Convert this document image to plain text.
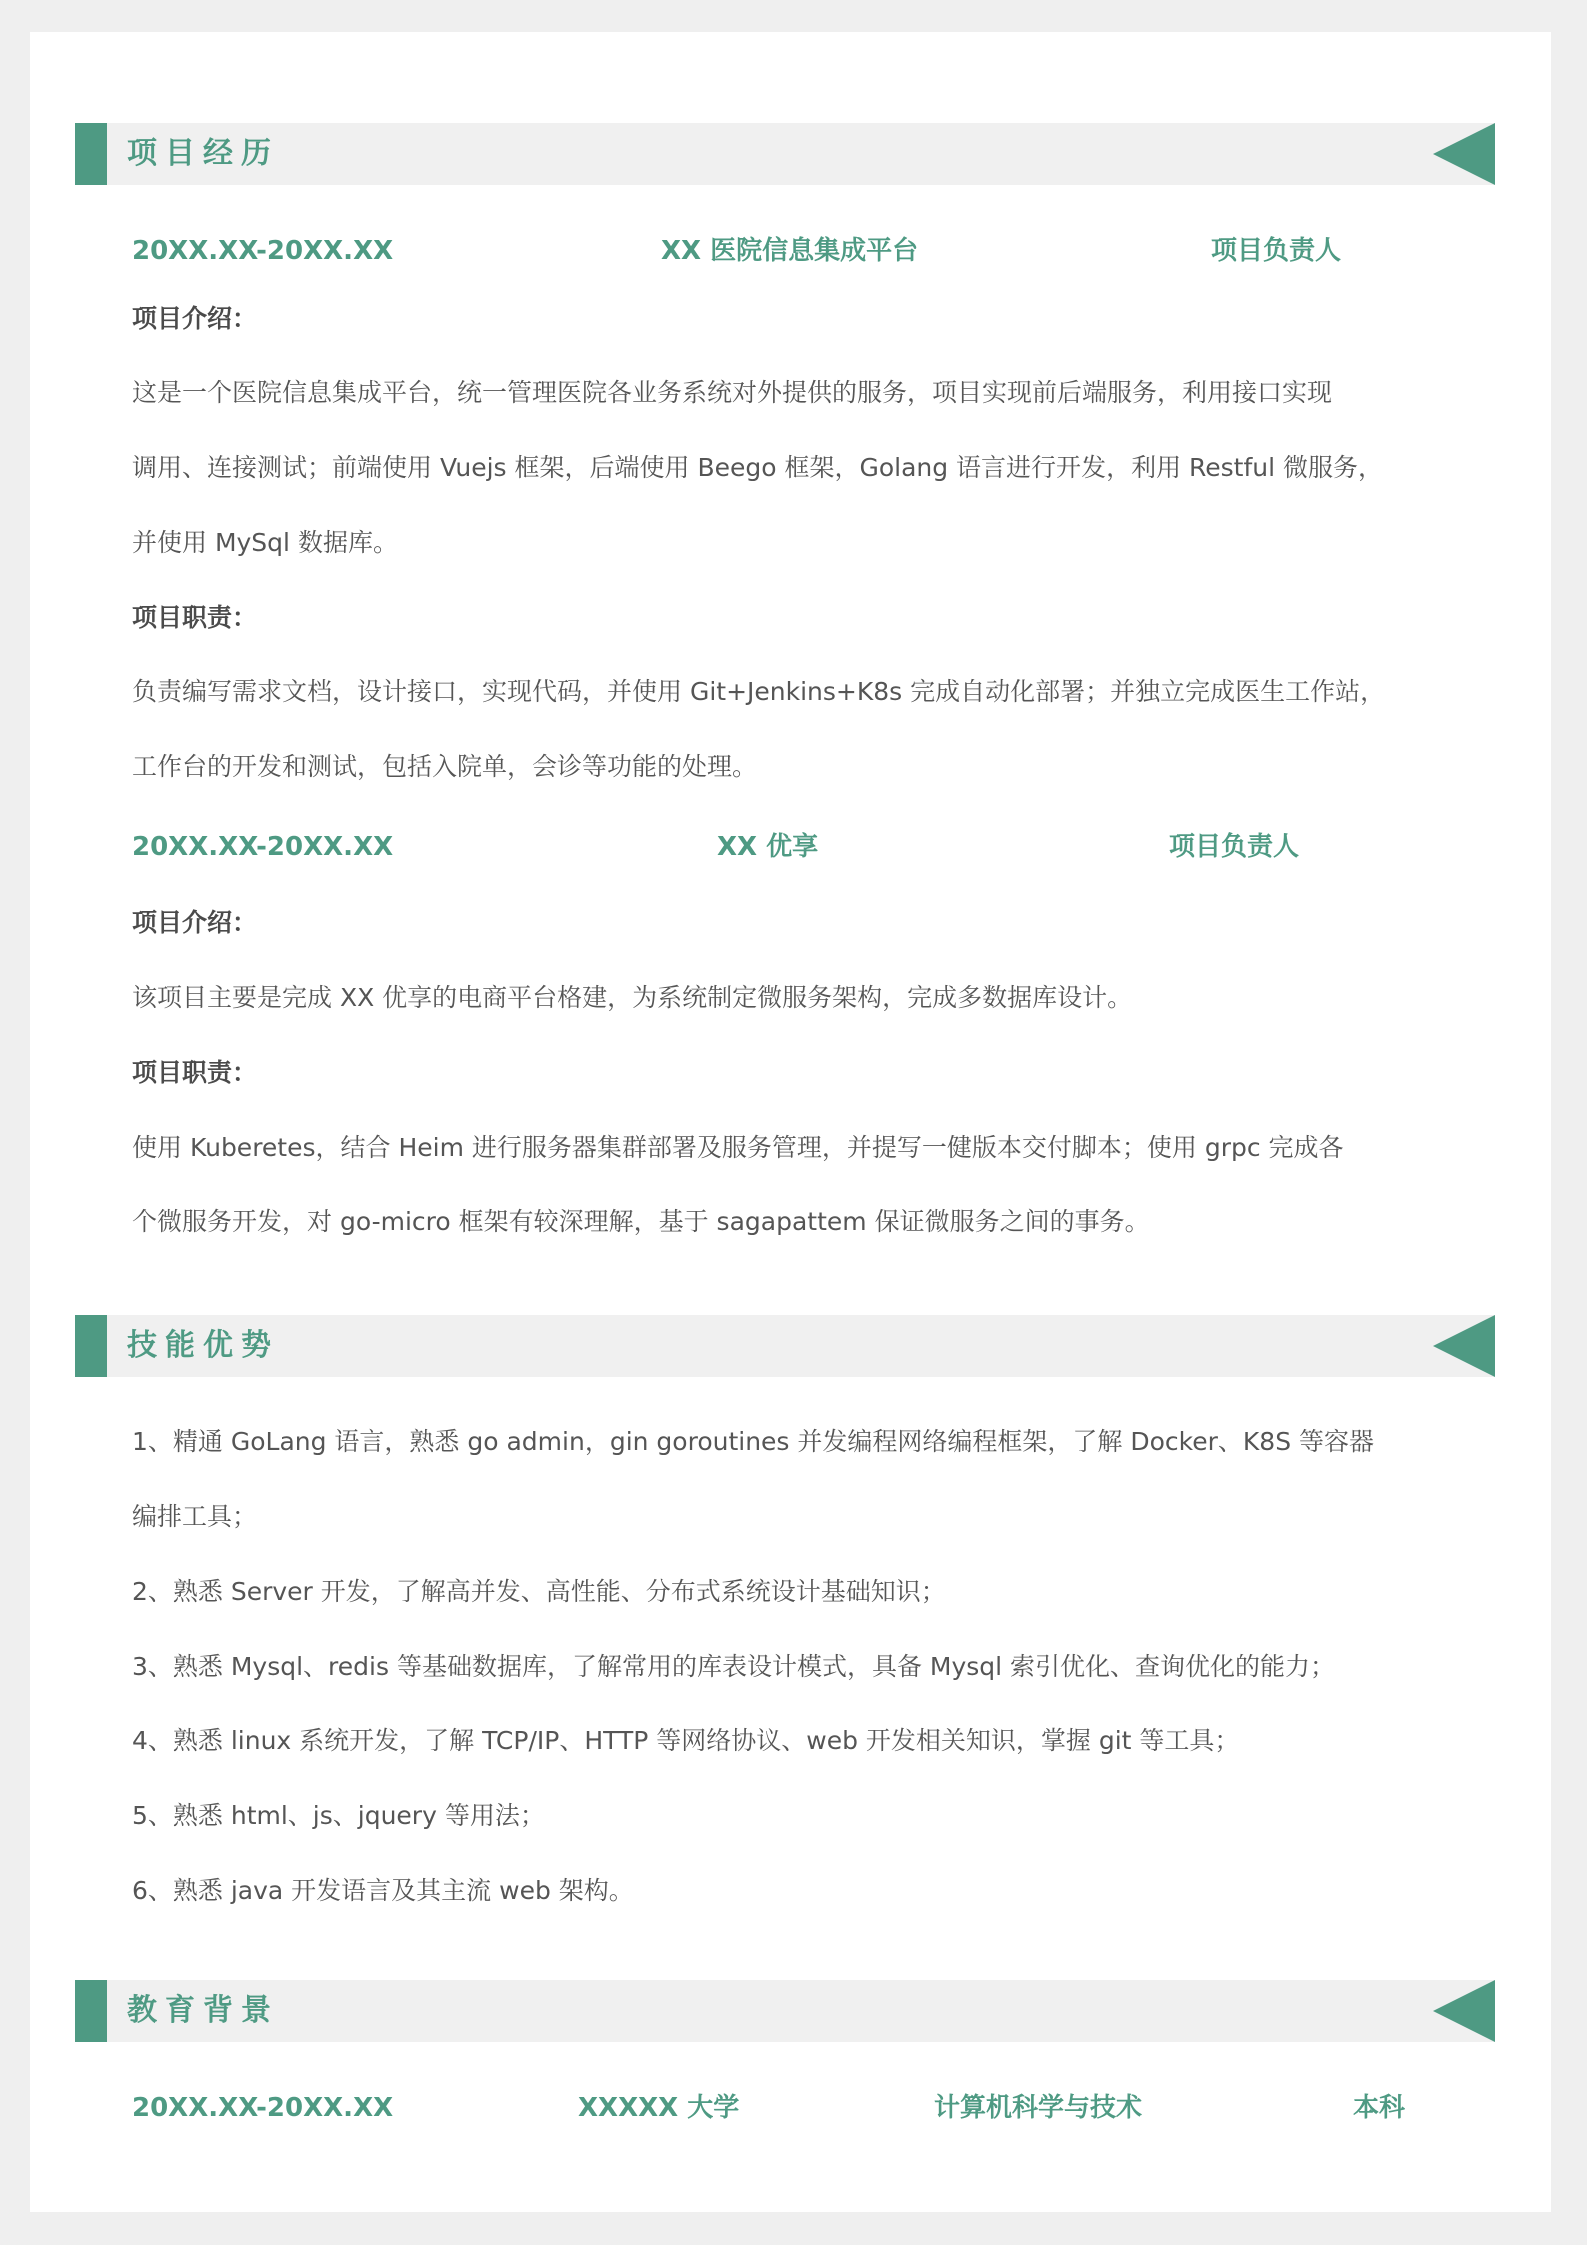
项目经历
20XX.XX-20XX.XX	XX 医院信息集成平台	项目负责人
项目介绍：
这是一个医院信息集成平台，统一管理医院各业务系统对外提供的服务，项目实现前后端服务，利用接口实现
调用、连接测试；前端使用 Vuejs 框架，后端使用 Beego 框架，Golang 语言进行开发，利用 Restful 微服务，
并使用 MySql 数据库。
项目职责：
负责编写需求文档，设计接口，实现代码，并使用 Git+Jenkins+K8s 完成自动化部署；并独立完成医生工作站，
工作台的开发和测试，包括入院单，会诊等功能的处理。
20XX.XX-20XX.XX	XX 优享	项目负责人
项目介绍：
该项目主要是完成 XX 优享的电商平台格建，为系统制定微服务架构，完成多数据库设计。
项目职责：
使用 Kuberetes，结合 Heim 进行服务器集群部署及服务管理，并提写一健版本交付脚本；使用 grpc 完成各
个微服务开发，对 go-micro 框架有较深理解，基于 sagapattem 保证微服务之间的事务。
技能优势
1、精通 GoLang 语言，熟悉 go admin，gin goroutines 并发编程网络编程框架，了解 Docker、K8S 等容器
编排工具；
2、熟悉 Server 开发，了解高并发、高性能、分布式系统设计基础知识；
3、熟悉 Mysql、redis 等基础数据库，了解常用的库表设计模式，具备 Mysql 索引优化、查询优化的能力；
4、熟悉 linux 系统开发，了解 TCP/IP、HTTP 等网络协议、web 开发相关知识，掌握 git 等工具；
5、熟悉 html、js、jquery 等用法；
6、熟悉 java 开发语言及其主流 web 架构。
教育背景
20XX.XX-20XX.XX	XXXXX 大学	计算机科学与技术	本科
